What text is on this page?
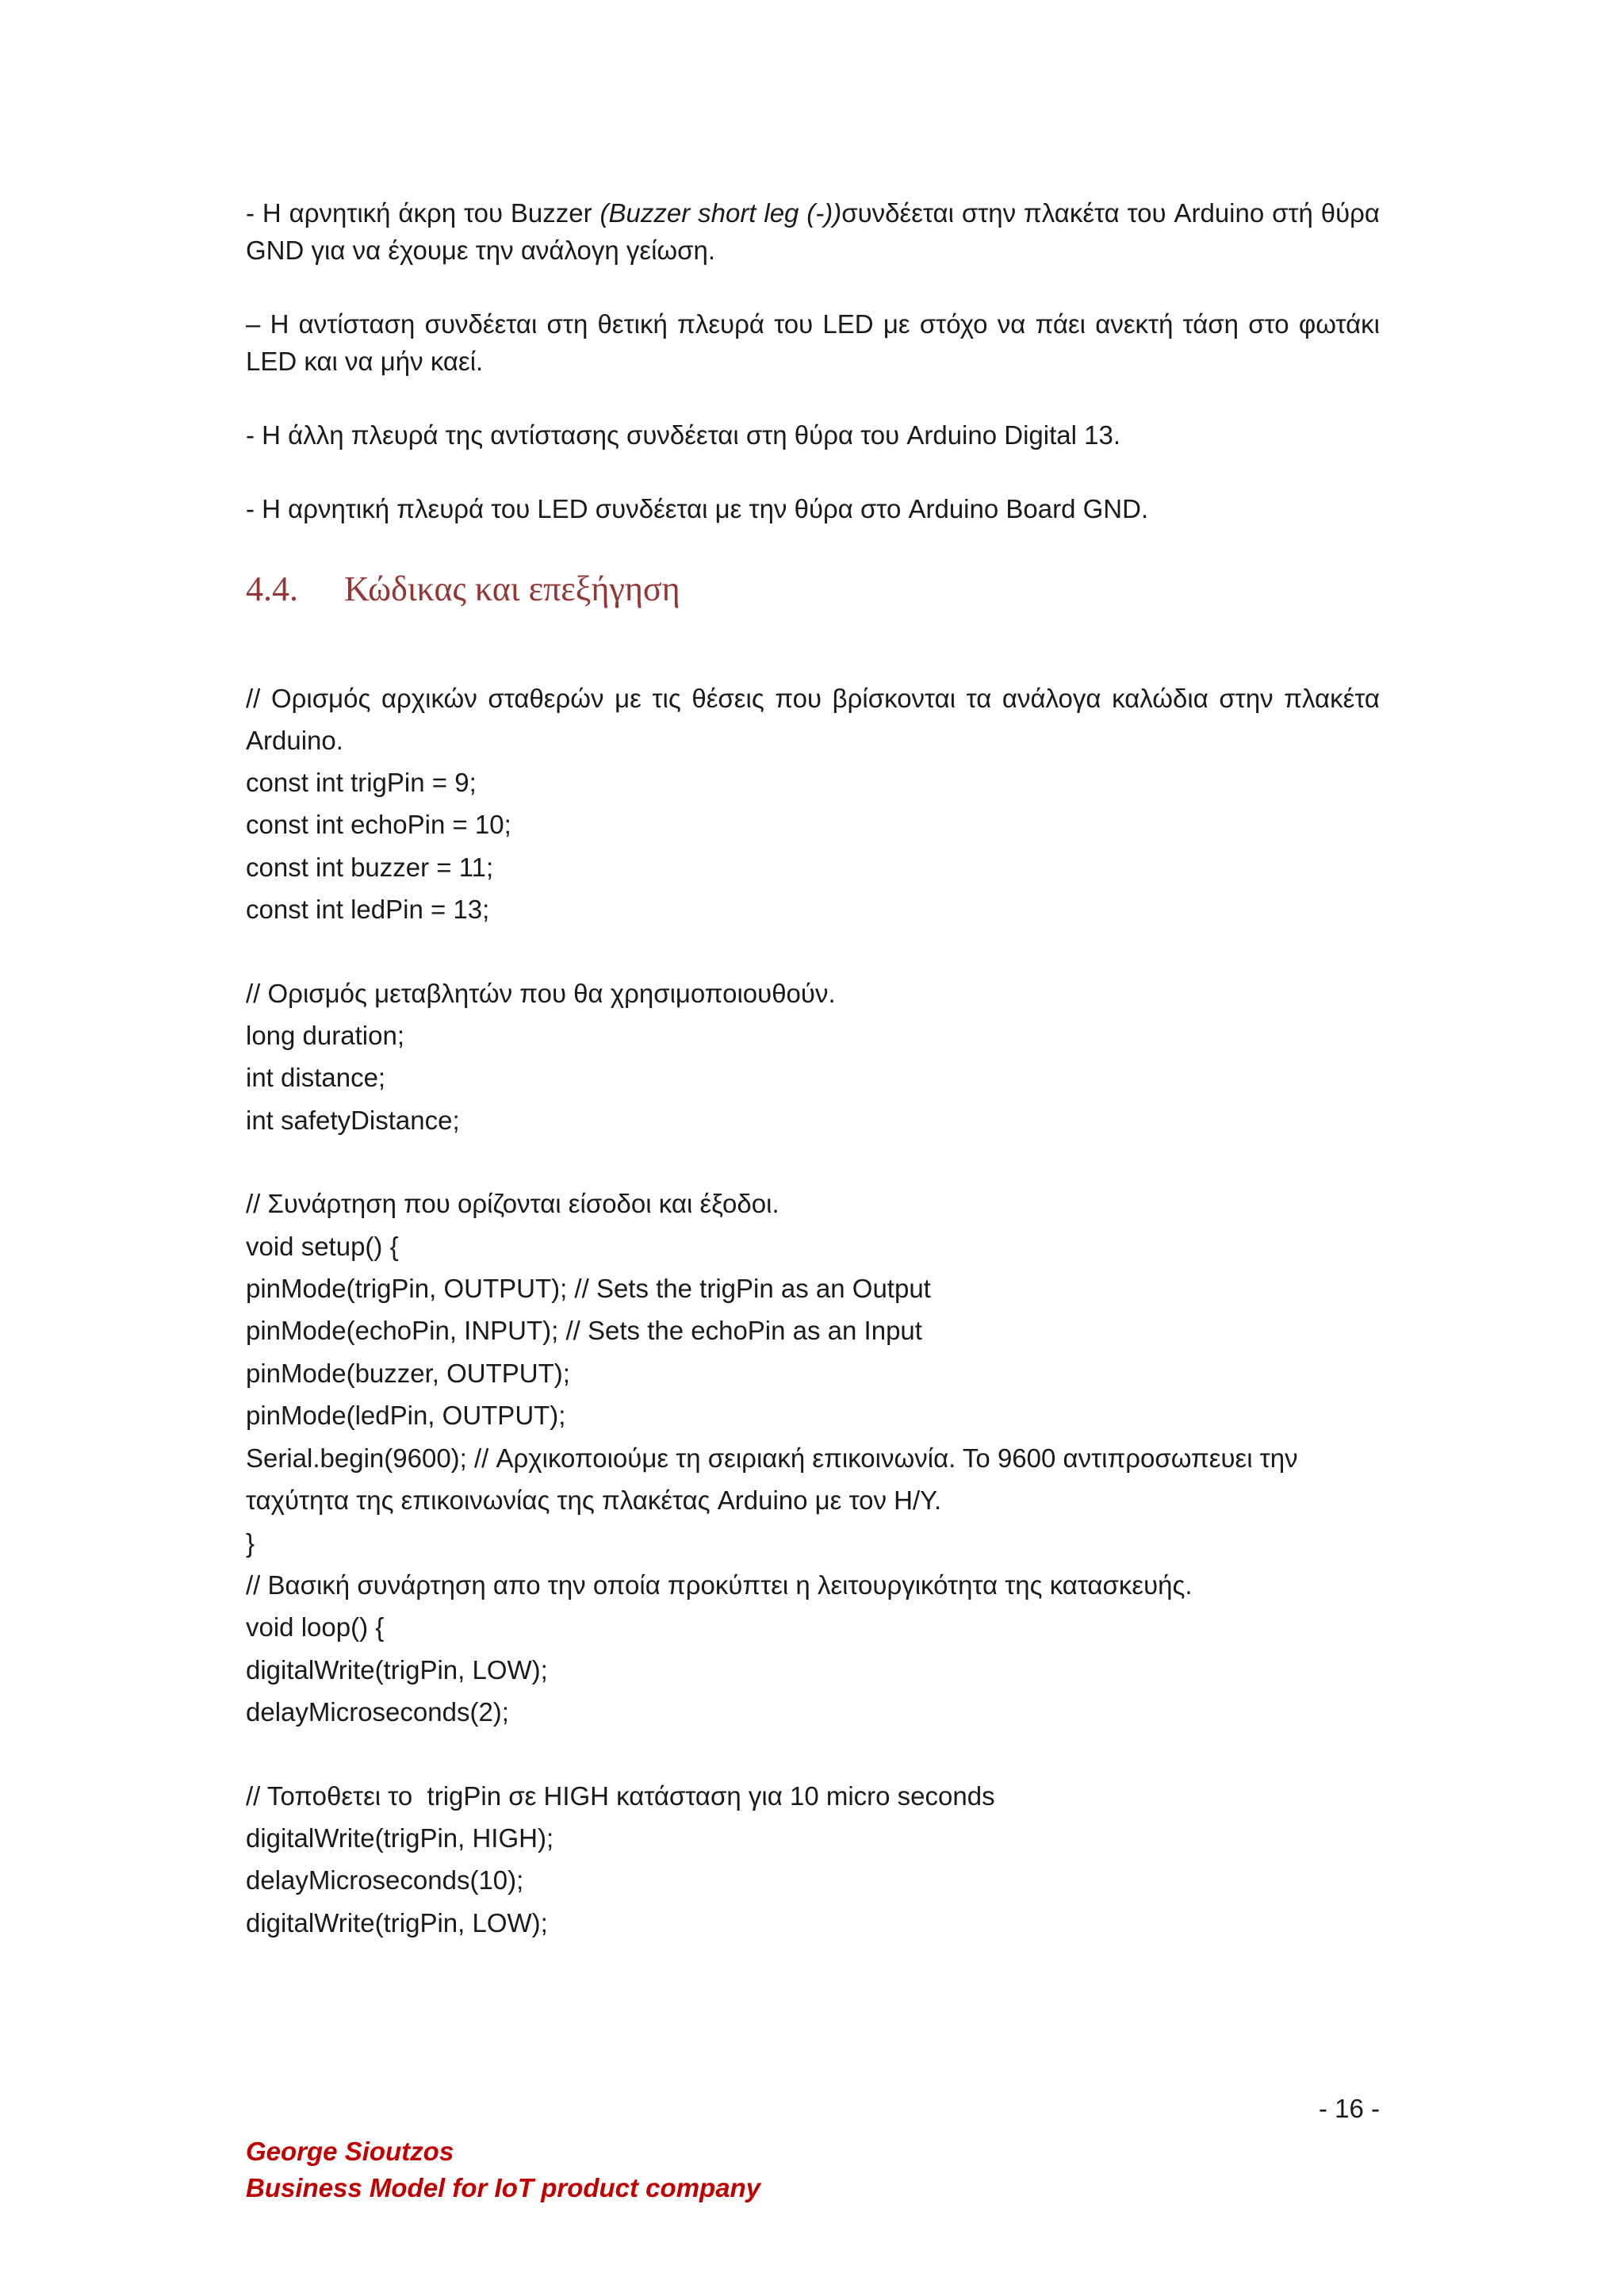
- Η αρνητική άκρη του Buzzer (Buzzer short leg (-))συνδέεται στην πλακέτα του Arduino στή θύρα GND για να έχουμε την ανάλογη γείωση.

– Η αντίσταση συνδέεται στη θετική πλευρά του LED με στόχο να πάει ανεκτή τάση στο φωτάκι LED και να μήν καεί.

- Η άλλη πλευρά της αντίστασης συνδέεται στη θύρα του Arduino Digital 13.

- Η αρνητική πλευρά του LED συνδέεται με την θύρα στο Arduino Board GND.

4.4.	Κώδικας και επεξήγηση

// Ορισμός αρχικών σταθερών με τις θέσεις που βρίσκονται τα ανάλογα καλώδια στην πλακέτα Arduino.

const int trigPin = 9;
const int echoPin = 10;
const int buzzer = 11;
const int ledPin = 13;
// Ορισμός μεταβλητών που θα χρησιμοποιουθούν.
long duration;
int distance;
int safetyDistance;
// Συνάρτηση που ορίζονται είσοδοι και έξοδοι.
void setup() {
pinMode(trigPin, OUTPUT); // Sets the trigPin as an Output
pinMode(echoPin, INPUT); // Sets the echoPin as an Input
pinMode(buzzer, OUTPUT);
pinMode(ledPin, OUTPUT);
Serial.begin(9600); // Αρχικοποιούμε τη σειριακή επικοινωνία. Το 9600 αντιπροσωπευει την ταχύτητα της επικοινωνίας της πλακέτας Arduino με τον Η/Υ.
}
// Βασική συνάρτηση απο την οποία προκύπτει η λειτουργικότητα της κατασκευής.
void loop() {
digitalWrite(trigPin, LOW);
delayMicroseconds(2);
// Τοποθετει το  trigPin σε HIGH κατάσταση για 10 micro seconds
digitalWrite(trigPin, HIGH);
delayMicroseconds(10);
digitalWrite(trigPin, LOW);
- 16 -
George Sioutzos
Business Model for IoT product company
